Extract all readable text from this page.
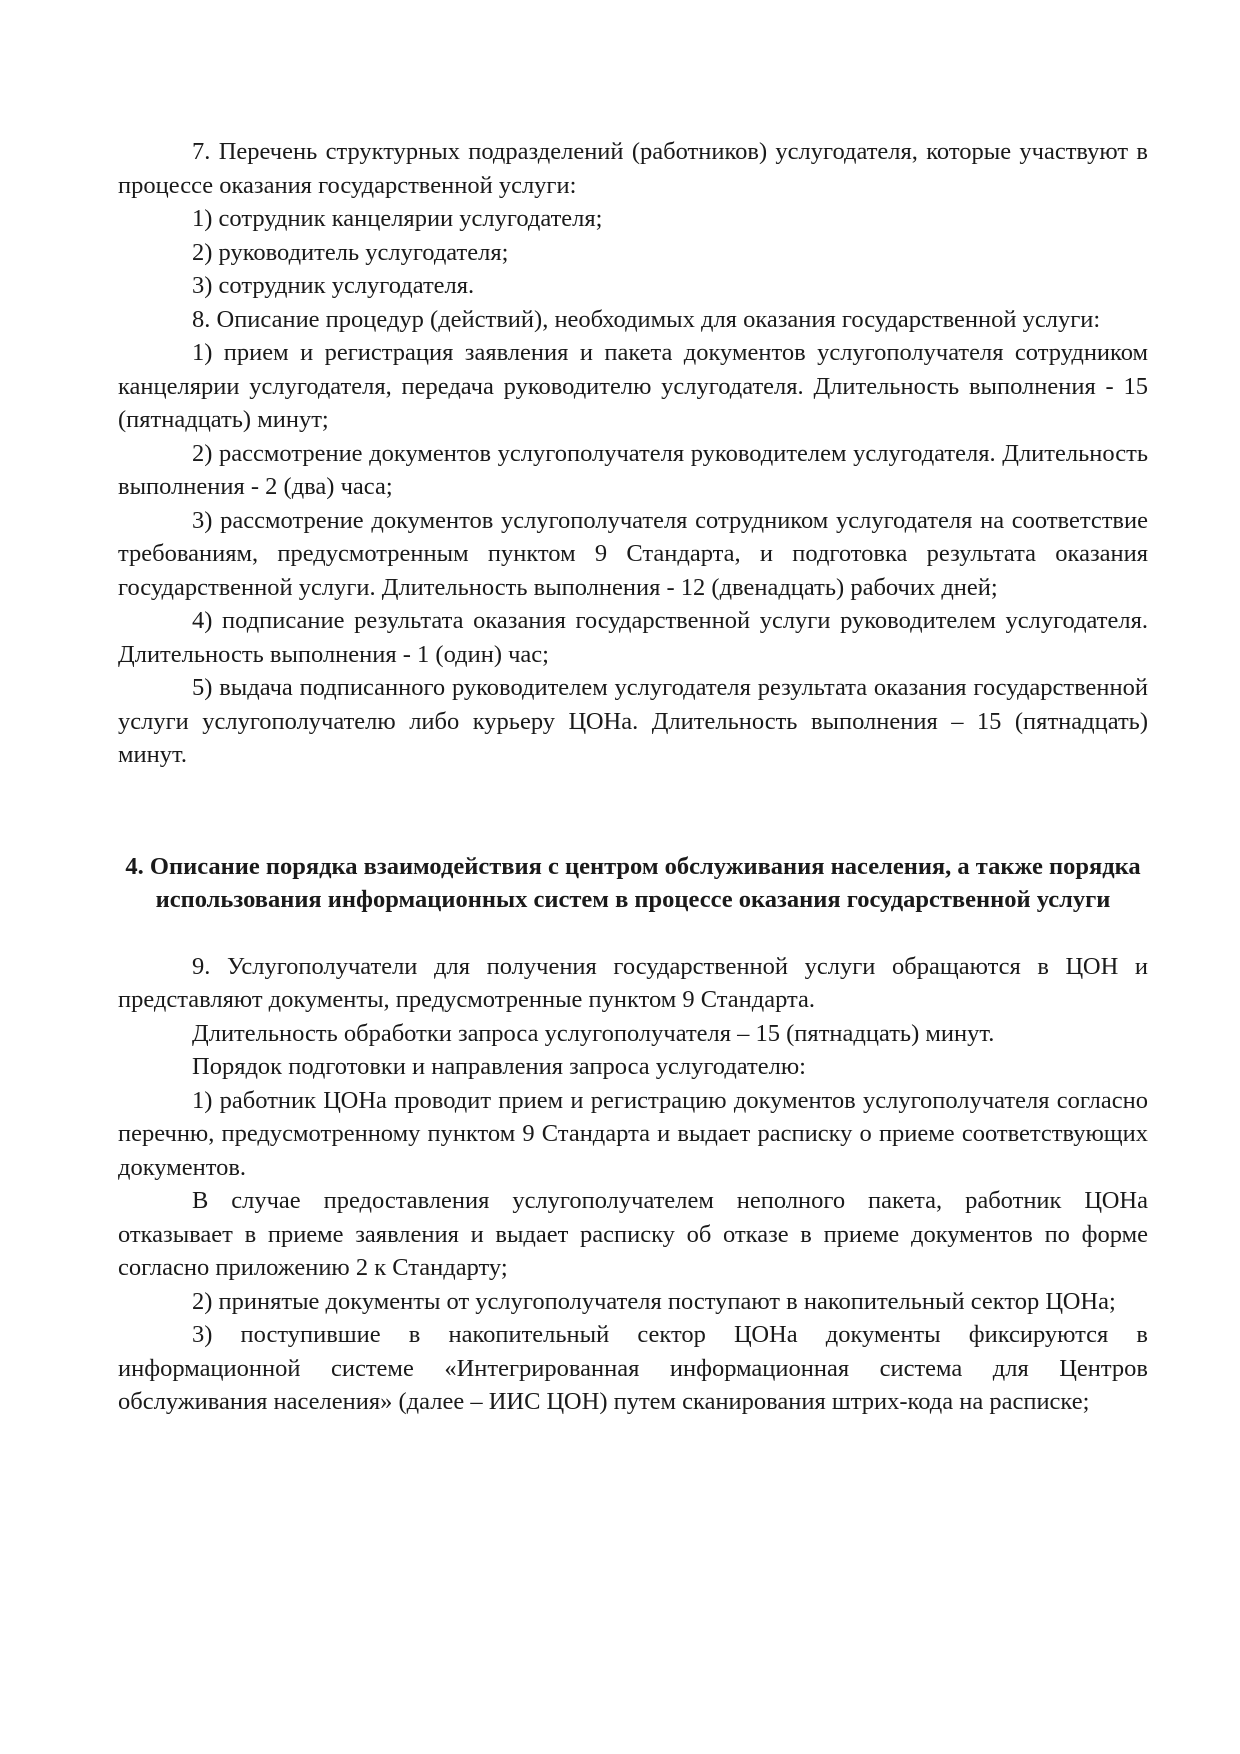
7. Перечень структурных подразделений (работников) услугодателя, которые участвуют в процессе оказания государственной услуги:

1) сотрудник канцелярии услугодателя;

2) руководитель услугодателя;

3) сотрудник услугодателя.

8. Описание процедур (действий), необходимых для оказания государственной услуги:

1) прием и регистрация заявления и пакета документов услугополучателя сотрудником канцелярии услугодателя, передача руководителю услугодателя. Длительность выполнения - 15 (пятнадцать) минут;

2) рассмотрение документов услугополучателя руководителем услугодателя. Длительность выполнения - 2 (два) часа;

3) рассмотрение документов услугополучателя сотрудником услугодателя на соответствие требованиям, предусмотренным пунктом 9 Стандарта, и подготовка результата оказания государственной услуги. Длительность выполнения - 12 (двенадцать) рабочих дней;

4) подписание результата оказания государственной услуги руководителем услугодателя. Длительность выполнения - 1 (один) час;

5) выдача подписанного руководителем услугодателя результата оказания государственной услуги услугополучателю либо курьеру ЦОНа. Длительность выполнения – 15 (пятнадцать) минут.

4. Описание порядка взаимодействия с центром обслуживания населения, а также порядка использования информационных систем в процессе оказания государственной услуги

9. Услугополучатели для получения государственной услуги обращаются в ЦОН и представляют документы, предусмотренные пунктом 9 Стандарта.

Длительность обработки запроса услугополучателя – 15 (пятнадцать) минут.

Порядок подготовки и направления запроса услугодателю:

1) работник ЦОНа проводит прием и регистрацию документов услугополучателя согласно перечню, предусмотренному пунктом 9 Стандарта и выдает расписку о приеме соответствующих документов.

В случае предоставления услугополучателем неполного пакета, работник ЦОНа отказывает в приеме заявления и выдает расписку об отказе в приеме документов по форме согласно приложению 2 к Стандарту;

2) принятые документы от услугополучателя поступают в накопительный сектор ЦОНа;

3) поступившие в накопительный сектор ЦОНа документы фиксируются в информационной системе «Интегрированная информационная система для Центров обслуживания населения» (далее – ИИС ЦОН) путем сканирования штрих-кода на расписке;
